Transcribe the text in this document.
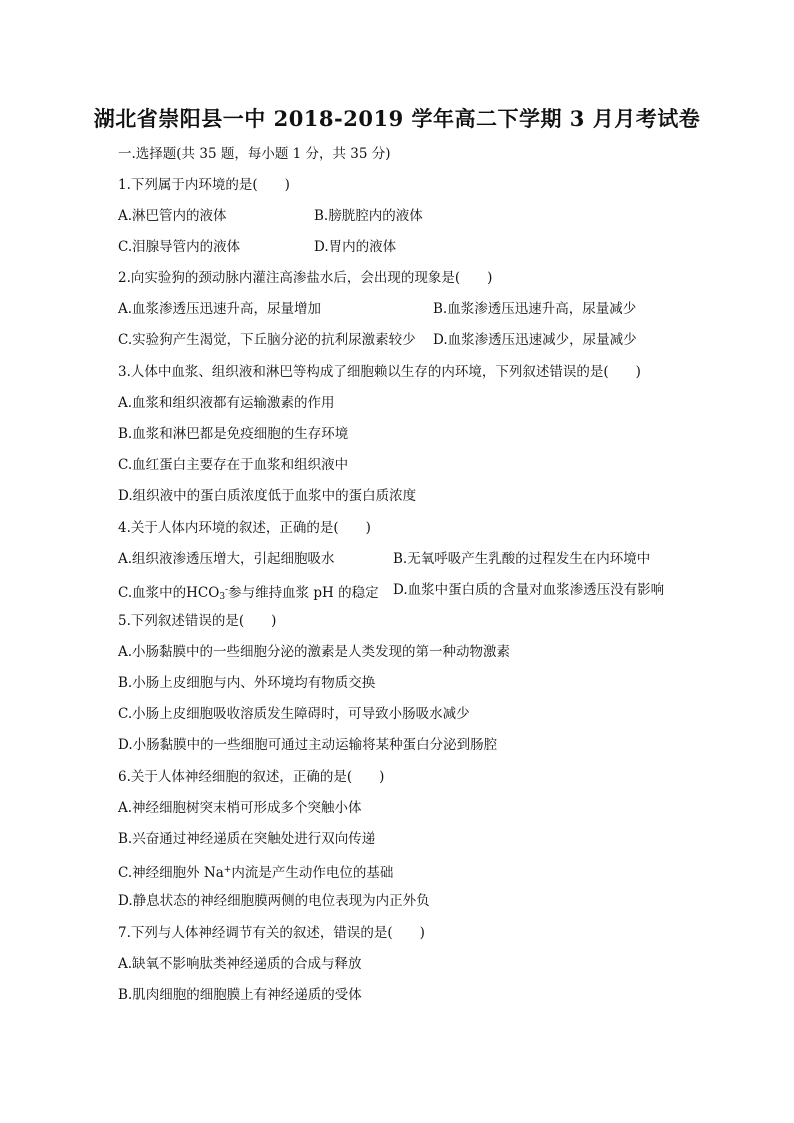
湖北省崇阳县一中 2018-2019 学年高二下学期 3 月月考试卷
一.选择题(共 35 题，每小题 1 分，共 35 分)
1.下列属于内环境的是(　　)
A.淋巴管内的液体	B.膀胱腔内的液体
C.泪腺导管内的液体	D.胃内的液体
2.向实验狗的颈动脉内灌注高渗盐水后，会出现的现象是(　　)
A.血浆渗透压迅速升高，尿量增加	B.血浆渗透压迅速升高，尿量减少
C.实验狗产生渴觉，下丘脑分泌的抗利尿激素较少 D.血浆渗透压迅速减少，尿量减少
3.人体中血浆、组织液和淋巴等构成了细胞赖以生存的内环境，下列叙述错误的是(　　)
A.血浆和组织液都有运输激素的作用
B.血浆和淋巴都是免疫细胞的生存环境
C.血红蛋白主要存在于血浆和组织液中
D.组织液中的蛋白质浓度低于血浆中的蛋白质浓度
4.关于人体内环境的叙述，正确的是(　　)
A.组织液渗透压增大，引起细胞吸水	B.无氧呼吸产生乳酸的过程发生在内环境中
C.血浆中的$HCO_3^-$参与维持血浆 pH 的稳定 D.血浆中蛋白质的含量对血浆渗透压没有影响
5.下列叙述错误的是(　　)
A.小肠黏膜中的一些细胞分泌的激素是人类发现的第一种动物激素
B.小肠上皮细胞与内、外环境均有物质交换
C.小肠上皮细胞吸收溶质发生障碍时，可导致小肠吸水减少
D.小肠黏膜中的一些细胞可通过主动运输将某种蛋白分泌到肠腔
6.关于人体神经细胞的叙述，正确的是(　　)
A.神经细胞树突末梢可形成多个突触小体
B.兴奋通过神经递质在突触处进行双向传递
C.神经细胞外 Na+内流是产生动作电位的基础
D.静息状态的神经细胞膜两侧的电位表现为内正外负
7.下列与人体神经调节有关的叙述，错误的是(　　)
A.缺氧不影响肽类神经递质的合成与释放
B.肌肉细胞的细胞膜上有神经递质的受体
